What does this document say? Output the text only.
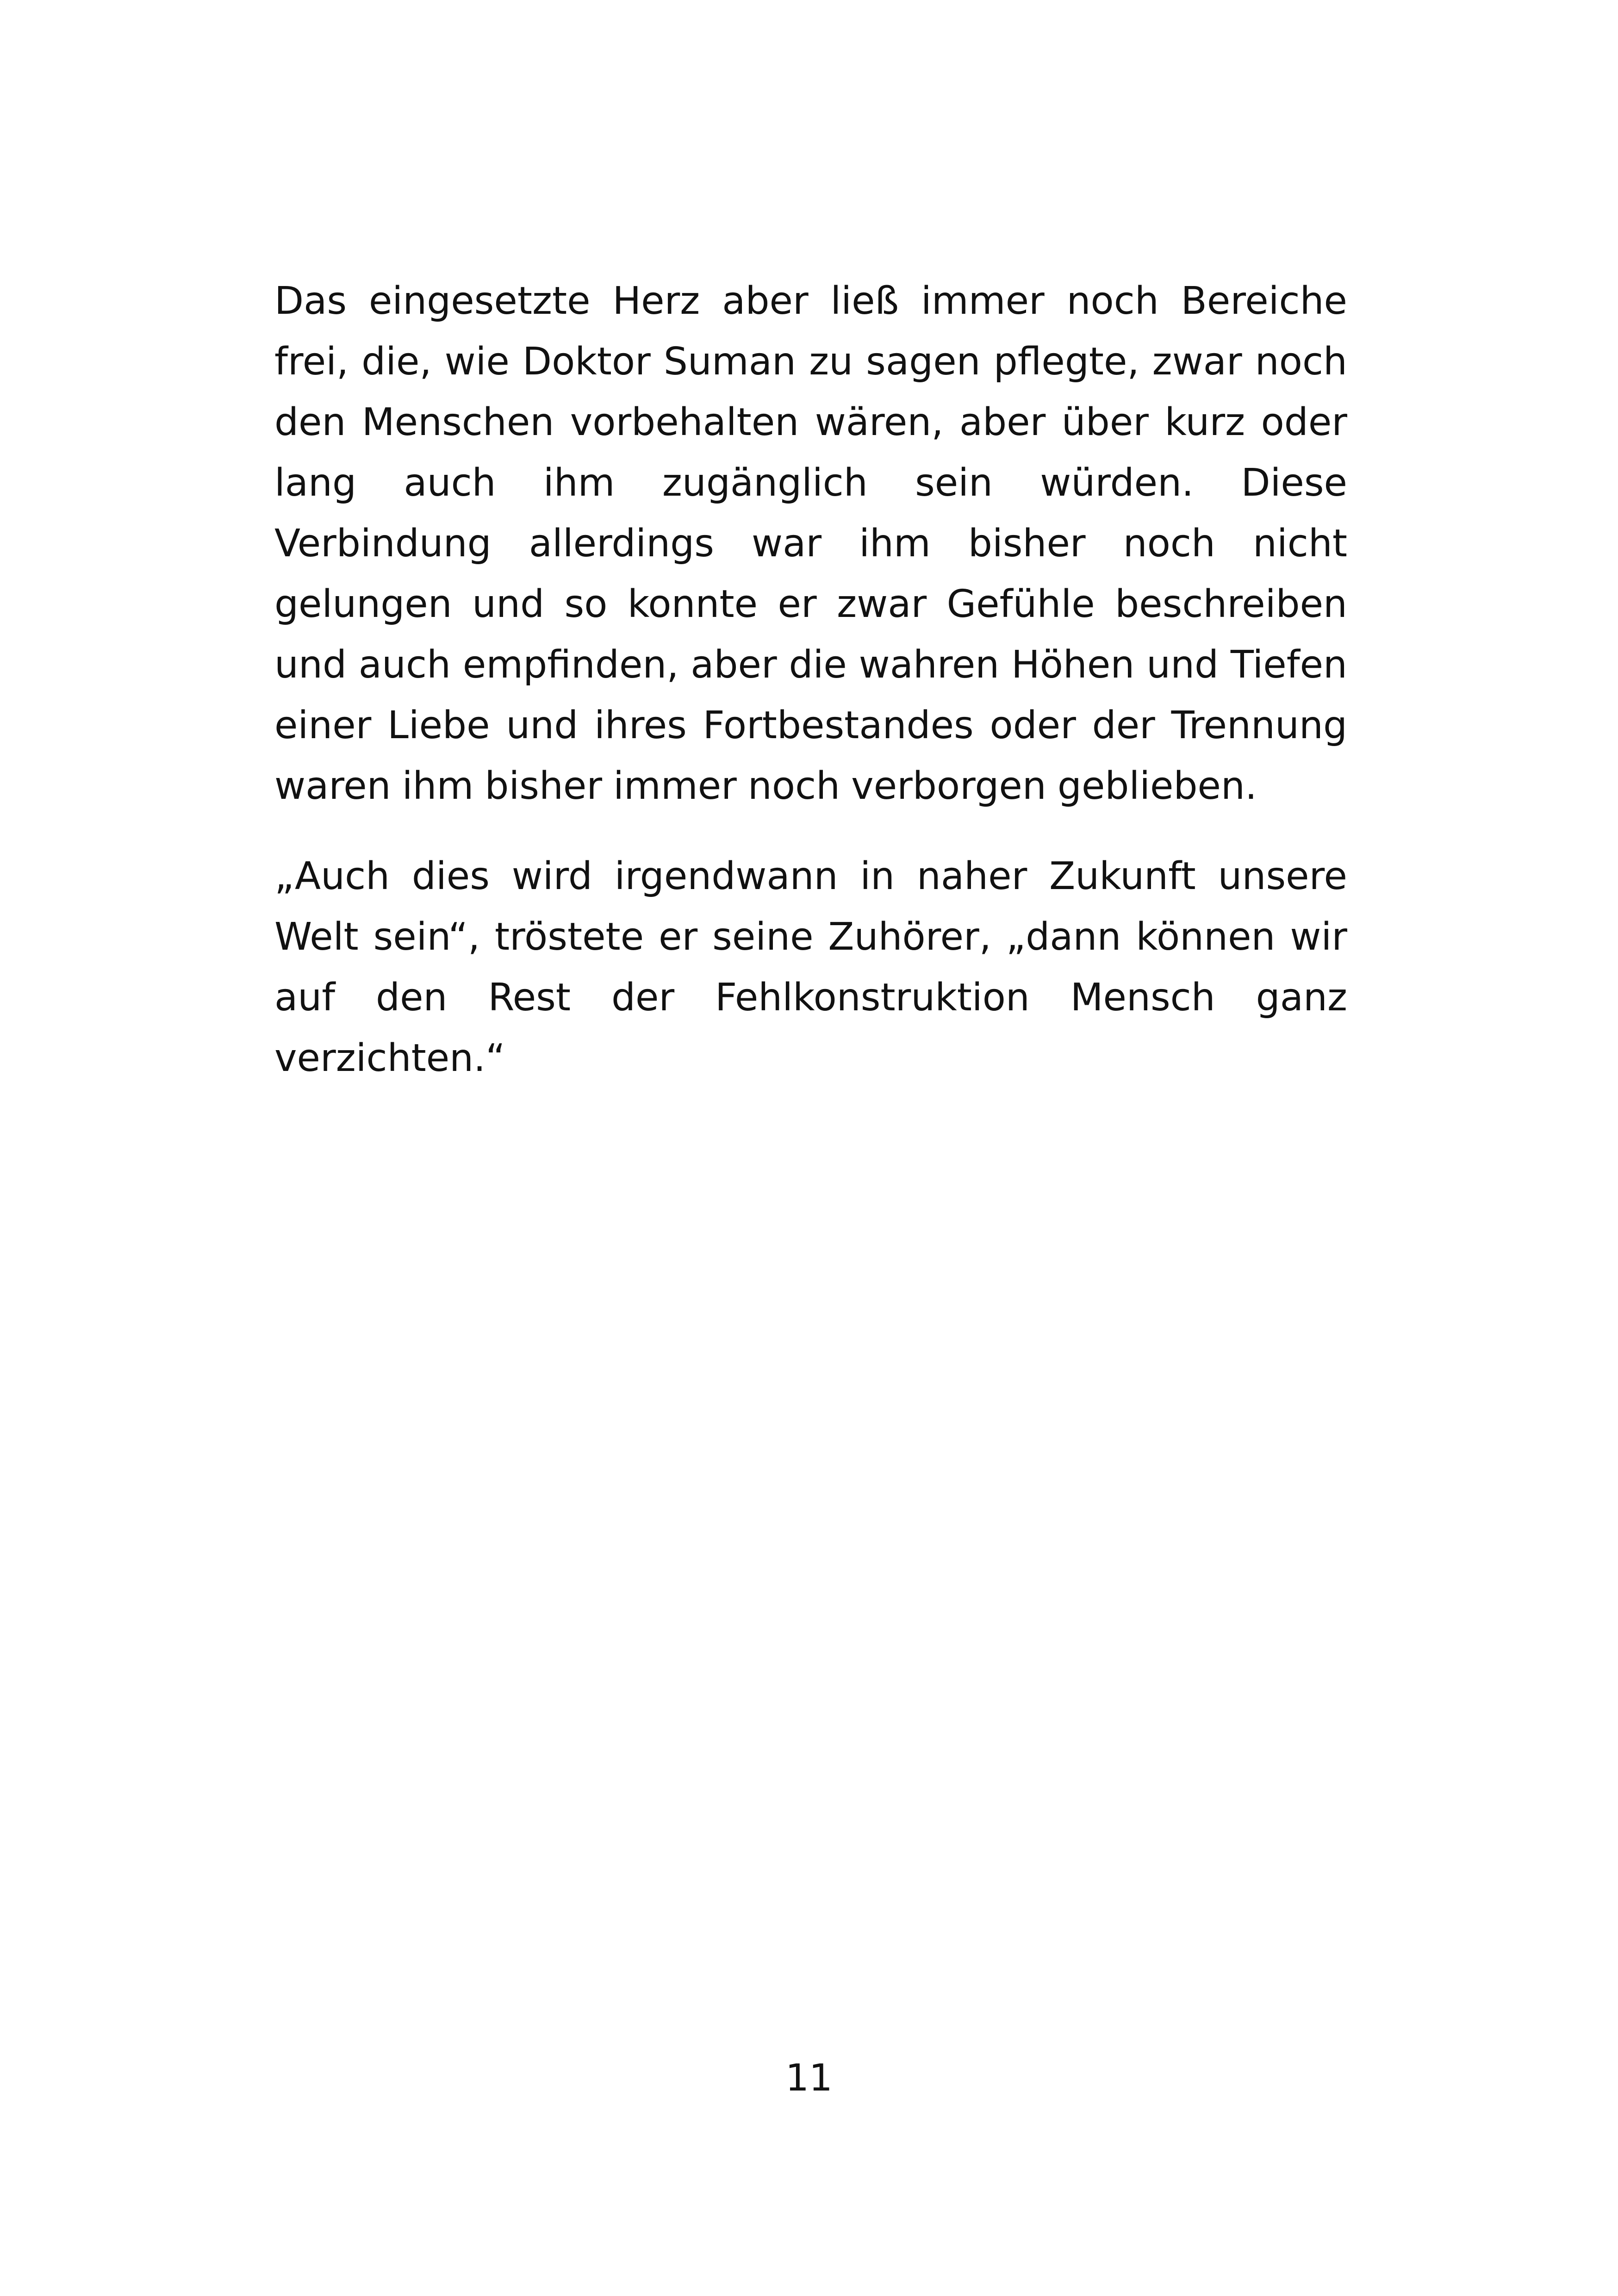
Das eingesetzte Herz aber ließ immer noch Bereiche frei, die, wie Doktor Suman zu sagen pflegte, zwar noch den Menschen vorbehalten wären, aber über kurz oder lang auch ihm zugänglich sein würden. Diese Verbindung allerdings war ihm bisher noch nicht gelungen und so konnte er zwar Gefühle beschreiben und auch empfinden, aber die wahren Höhen und Tiefen einer Liebe und ihres Fortbestandes oder der Trennung waren ihm bisher immer noch verborgen geblieben.

„Auch dies wird irgendwann in naher Zukunft unsere Welt sein“, tröstete er seine Zuhörer, „dann können wir auf den Rest der Fehlkonstruktion Mensch ganz verzichten.“

11
